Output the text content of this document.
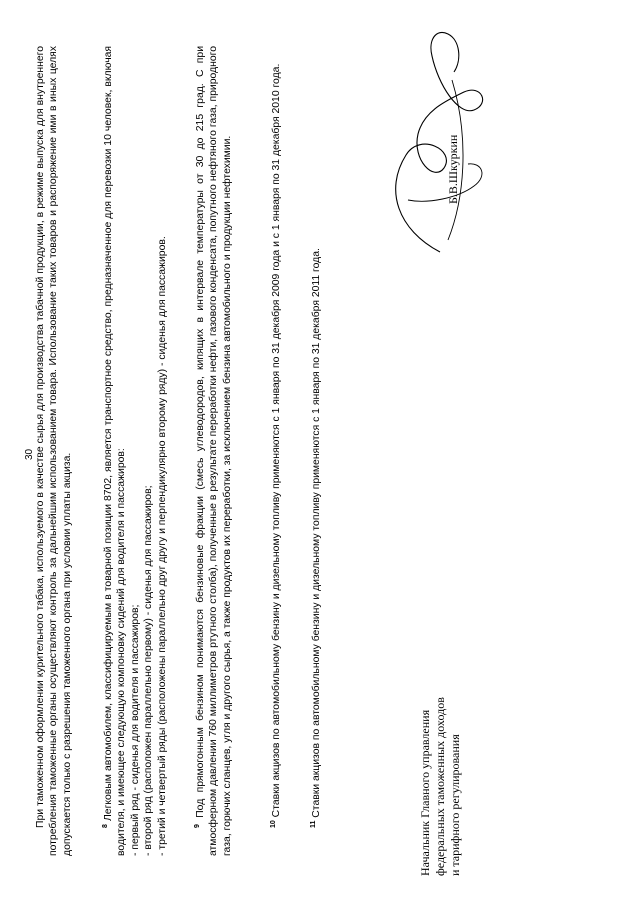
30 При таможенном оформлении курительного табака, используемого в качестве сырья для производства табачной продукции, в режиме выпуска для внутреннего потребления таможенные органы осуществляют контроль за дальнейшим использованием товара. Использование таких товаров и распоряжение ими в иных целях допускается только с разрешения таможенного органа при условии уплаты акциза.	$^8$ Легковым автомобилем, классифицируемым в товарной позиции 8702, является транспортное средство, предназначенное для перевозки 10 человек, включая водителя, и имеющее следующую компоновку сидений для водителя и пассажиров: - первый ряд - сиденья для водителя и пассажиров; - второй ряд (расположен параллельно первому) - сиденья для пассажиров; - третий и четвертый ряды (расположены параллельно друг другу и перпендикулярно второму ряду) - сиденья для пассажиров.	$^9$ Под прямогонным бензином понимаются бензиновые фракции (смесь углеводородов, кипящих в интервале температуры от 30 до 215 град. С при атмосферном давлении 760 миллиметров ртутного столба), полученные в результате переработки нефти, газового конденсата, попутного нефтяного газа, природного газа, горючих сланцев, угля и другого сырья, а также продуктов их переработки, за исключением бензина автомобильного и продукции нефтехимии.	$^{10}$ Ставки акцизов по автомобильному бензину и дизельному топливу применяются с 1 января по 31 декабря 2009 года и с 1 января по 31 декабря 2010 года.

$^{11}$ Ставки акцизов по автомобильному бензину и дизельному топливу применяются с 1 января по 31 декабря 2011 года.	Начальник Главного управления федеральных таможенных доходов и тарифного регулирования
Б.В.Шкуркин
